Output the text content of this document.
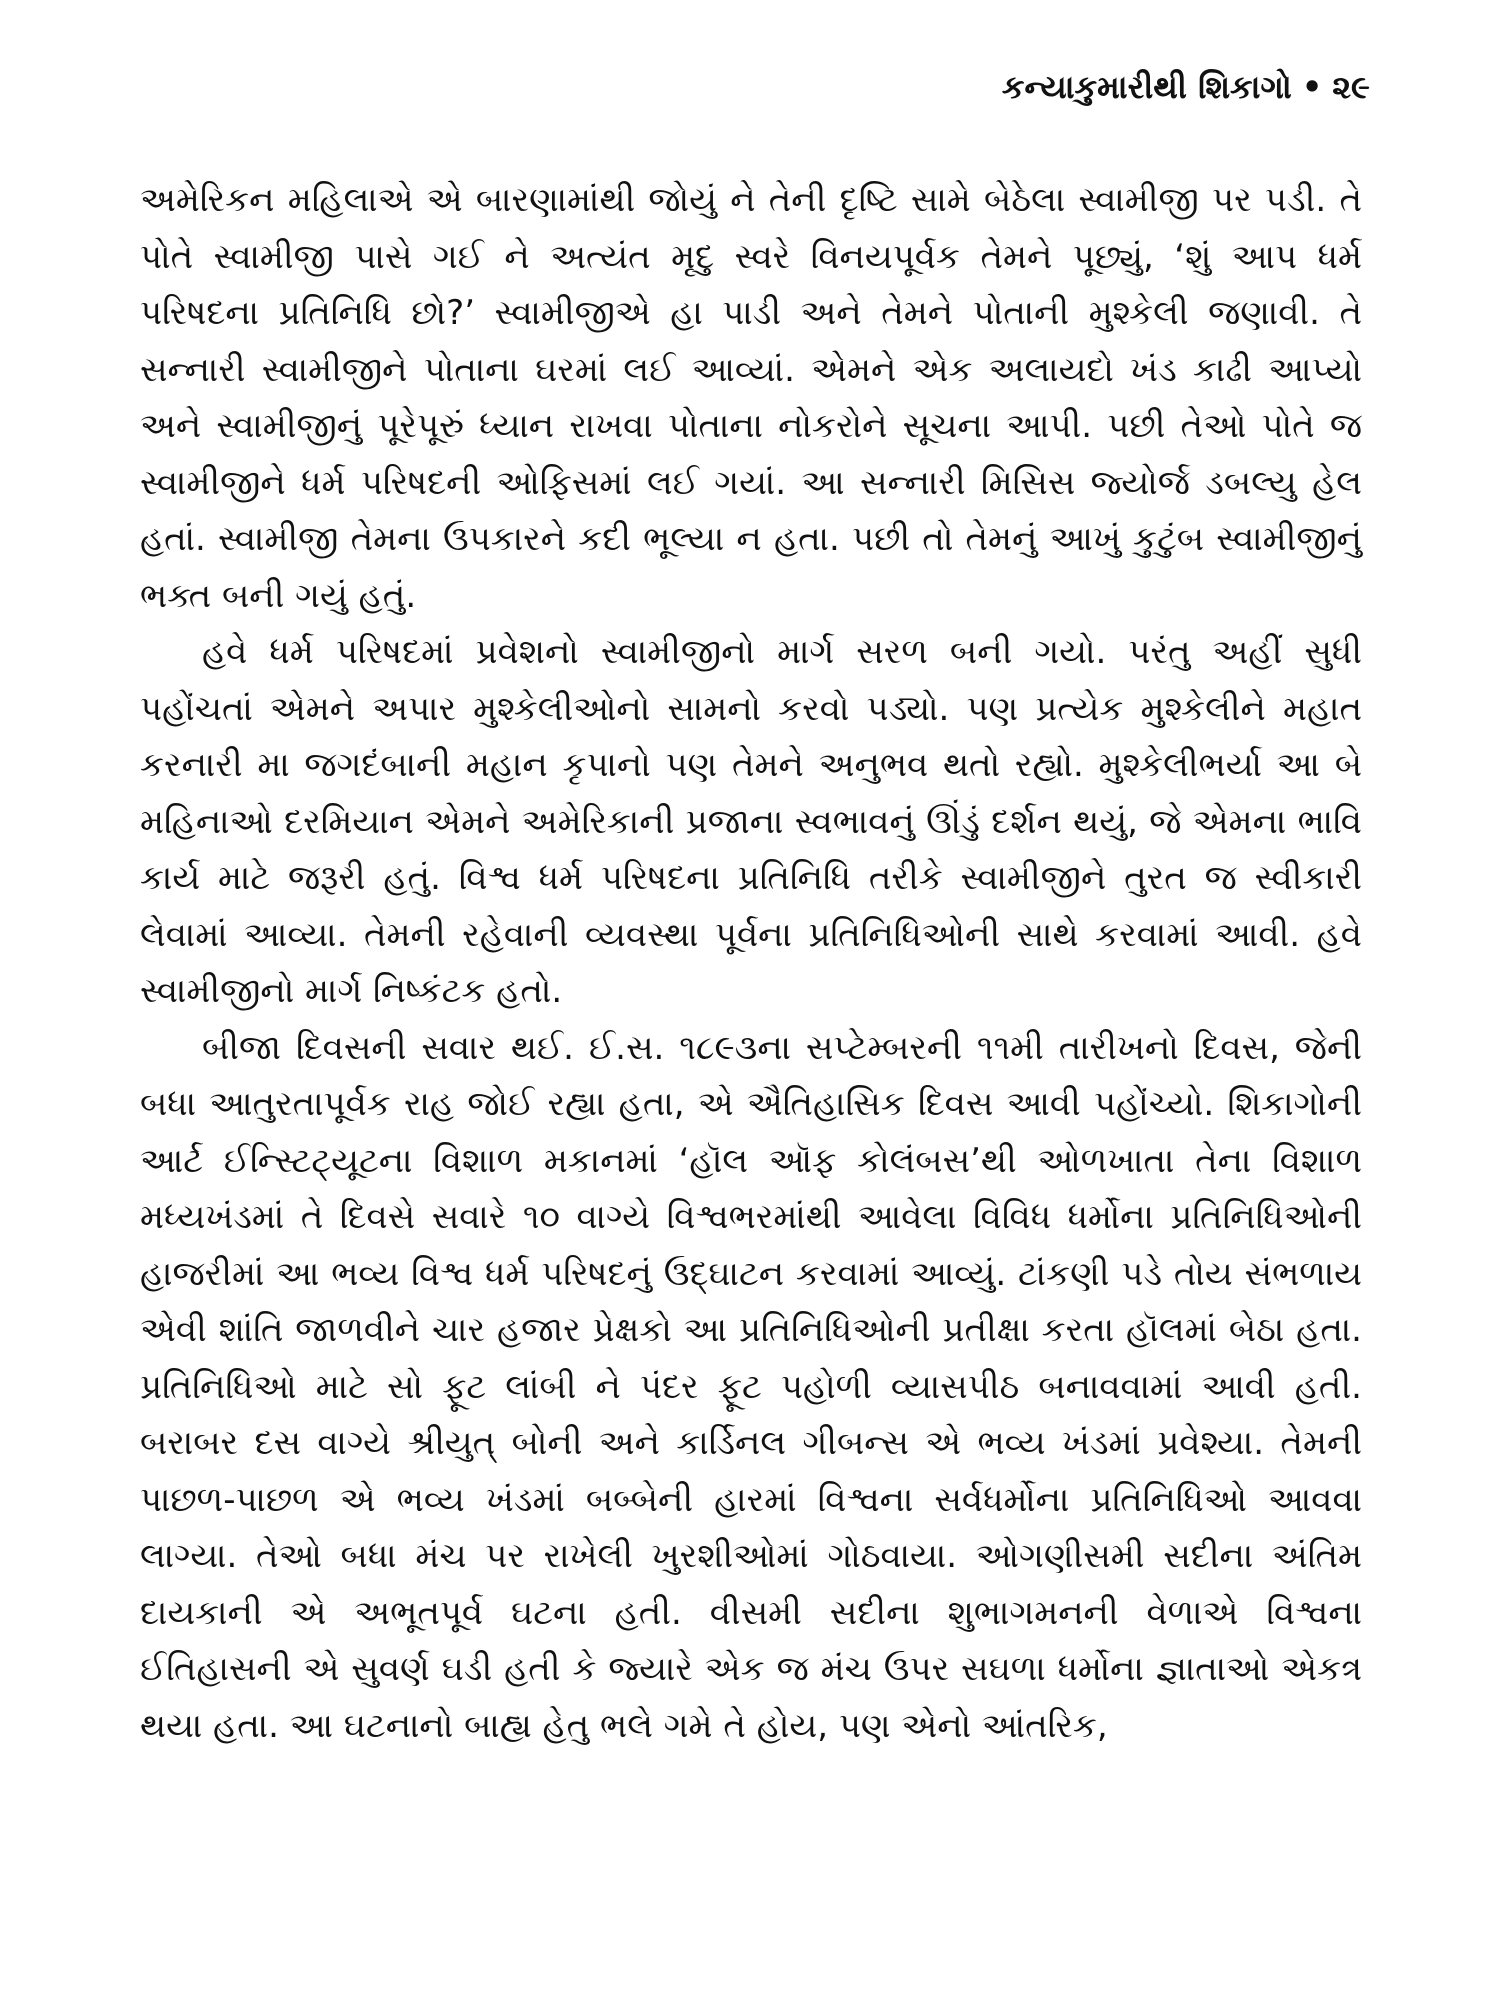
કન્યાકુમારીથી શિકાગો • ૨૯

અમેરિકન મહિલાએ એ બારણામાંથી જોયું ને તેની દૃષ્ટિ સામે બેઠેલા સ્વામીજી પર પડી. તે પોતે સ્વામીજી પાસે ગઈ ને અત્યંત મૃદુ સ્વરે વિનયપૂર્વક તેમને પૂછ્યું, ‘શું આપ ધર્મ પરિષદના પ્રતિનિધિ છો?’ સ્વામીજીએ હા પાડી અને તેમને પોતાની મુશ્કેલી જણાવી. તે સન્નારી સ્વામીજીને પોતાના ઘરમાં લઈ આવ્યાં. એમને એક અલાયદો ખંડ કાઢી આપ્યો અને સ્વામીજીનું પૂરેપૂરું ધ્યાન રાખવા પોતાના નોકરોને સૂચના આપી. પછી તેઓ પોતે જ સ્વામીજીને ધર્મ પરિષદની ઓફિસમાં લઈ ગયાં. આ સન્નારી મિસિસ જ્યોર્જ ડબલ્યુ હેલ હતાં. સ્વામીજી તેમના ઉપકારને કદી ભૂલ્યા ન હતા. પછી તો તેમનું આખું કુટુંબ સ્વામીજીનું ભક્ત બની ગયું હતું.

હવે ધર્મ પરિષદમાં પ્રવેશનો સ્વામીજીનો માર્ગ સરળ બની ગયો. પરંતુ અહીં સુધી પહોંચતાં એમને અપાર મુશ્કેલીઓનો સામનો કરવો પડ્યો. પણ પ્રત્યેક મુશ્કેલીને મહાત કરનારી મા જગદંબાની મહાન કૃપાનો પણ તેમને અનુભવ થતો રહ્યો. મુશ્કેલીભર્યા આ બે મહિનાઓ દરમિયાન એમને અમેરિકાની પ્રજાના સ્વભાવનું ઊંડું દર્શન થયું, જે એમના ભાવિ કાર્ય માટે જરૂરી હતું. વિશ્વ ધર્મ પરિષદના પ્રતિનિધિ તરીકે સ્વામીજીને તુરત જ સ્વીકારી લેવામાં આવ્યા. તેમની રહેવાની વ્યવસ્થા પૂર્વના પ્રતિનિધિઓની સાથે કરવામાં આવી. હવે સ્વામીજીનો માર્ગ નિષ્કંટક હતો.

બીજા દિવસની સવાર થઈ. ઈ.સ. ૧૮૯૩ના સપ્ટેમ્બરની ૧૧મી તારીખનો દિવસ, જેની બધા આતુરતાપૂર્વક રાહ જોઈ રહ્યા હતા, એ ઐતિહાસિક દિવસ આવી પહોંચ્યો. શિકાગોની આર્ટ ઈન્સ્ટિટ્યૂટના વિશાળ મકાનમાં ‘હૉલ ઑફ કોલંબસ’થી ઓળખાતા તેના વિશાળ મધ્યખંડમાં તે દિવસે સવારે ૧૦ વાગ્યે વિશ્વભરમાંથી આવેલા વિવિધ ધર્મોના પ્રતિનિધિઓની હાજરીમાં આ ભવ્ય વિશ્વ ધર્મ પરિષદનું ઉદ્‌ઘાટન કરવામાં આવ્યું. ટાંકણી પડે તોય સંભળાય એવી શાંતિ જાળવીને ચાર હજાર પ્રેક્ષકો આ પ્રતિનિધિઓની પ્રતીક્ષા કરતા હૉલમાં બેઠા હતા. પ્રતિનિધિઓ માટે સો ફૂટ લાંબી ને પંદર ફૂટ પહોળી વ્યાસપીઠ બનાવવામાં આવી હતી. બરાબર દસ વાગ્યે શ્રીયુત્‌ બોની અને કાર્ડિનલ ગીબન્સ એ ભવ્ય ખંડમાં પ્રવેશ્યા. તેમની પાછળ-પાછળ એ ભવ્ય ખંડમાં બબ્બેની હારમાં વિશ્વના સર્વધર્મોના પ્રતિનિધિઓ આવવા લાગ્યા. તેઓ બધા મંચ પર રાખેલી ખુરશીઓમાં ગોઠવાયા. ઓગણીસમી સદીના અંતિમ દાયકાની એ અભૂતપૂર્વ ઘટના હતી. વીસમી સદીના શુભાગમનની વેળાએ વિશ્વના ઈતિહાસની એ સુવર્ણ ઘડી હતી કે જ્યારે એક જ મંચ ઉપર સઘળા ધર્મોના જ્ઞાતાઓ એકત્ર થયા હતા. આ ઘટનાનો બાહ્ય હેતુ ભલે ગમે તે હોય, પણ એનો આંતરિક,
